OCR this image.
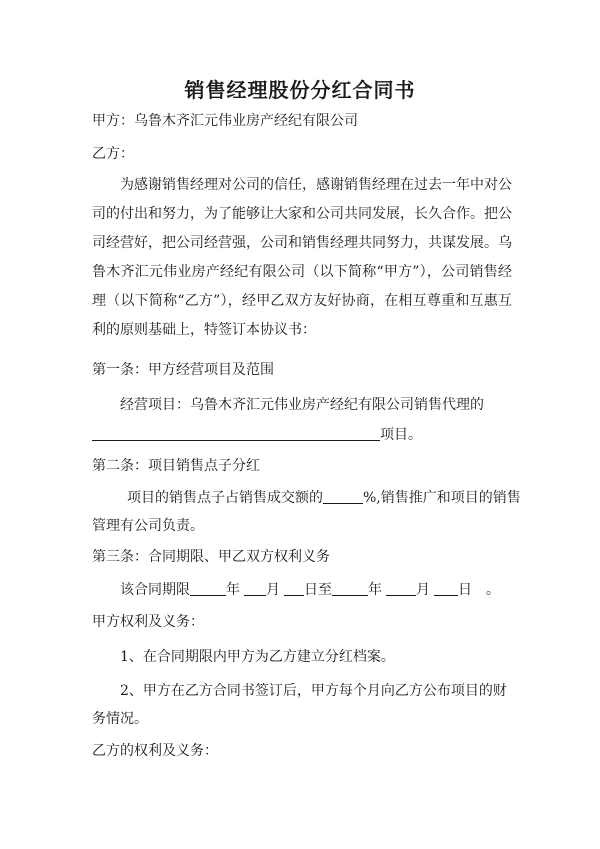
销售经理股份分红合同书
甲方：乌鲁木齐汇元伟业房产经纪有限公司
乙方：

为感谢销售经理对公司的信任，感谢销售经理在过去一年中对公司的付出和努力，为了能够让大家和公司共同发展，长久合作。把公司经营好，把公司经营强，公司和销售经理共同努力，共谋发展。乌鲁木齐汇元伟业房产经纪有限公司（以下简称“甲方”），公司销售经理（以下简称“乙方”），经甲乙双方友好协商，在相互尊重和互惠互利的原则基础上，特签订本协议书：

第一条：甲方经营项目及范围
经营项目：乌鲁木齐汇元伟业房产经纪有限公司销售代理的
项目。
第二条：项目销售点子分红
项目的销售点子占销售成交额的	%,销售推广和项目的销售
管理有公司负责。
第三条：合同期限、甲乙双方权利义务
该合同期限	年 月 日至	年 月 日 。
甲方权利及义务：
1、在合同期限内甲方为乙方建立分红档案。
2、甲方在乙方合同书签订后，甲方每个月向乙方公布项目的财
务情况。
乙方的权利及义务：
